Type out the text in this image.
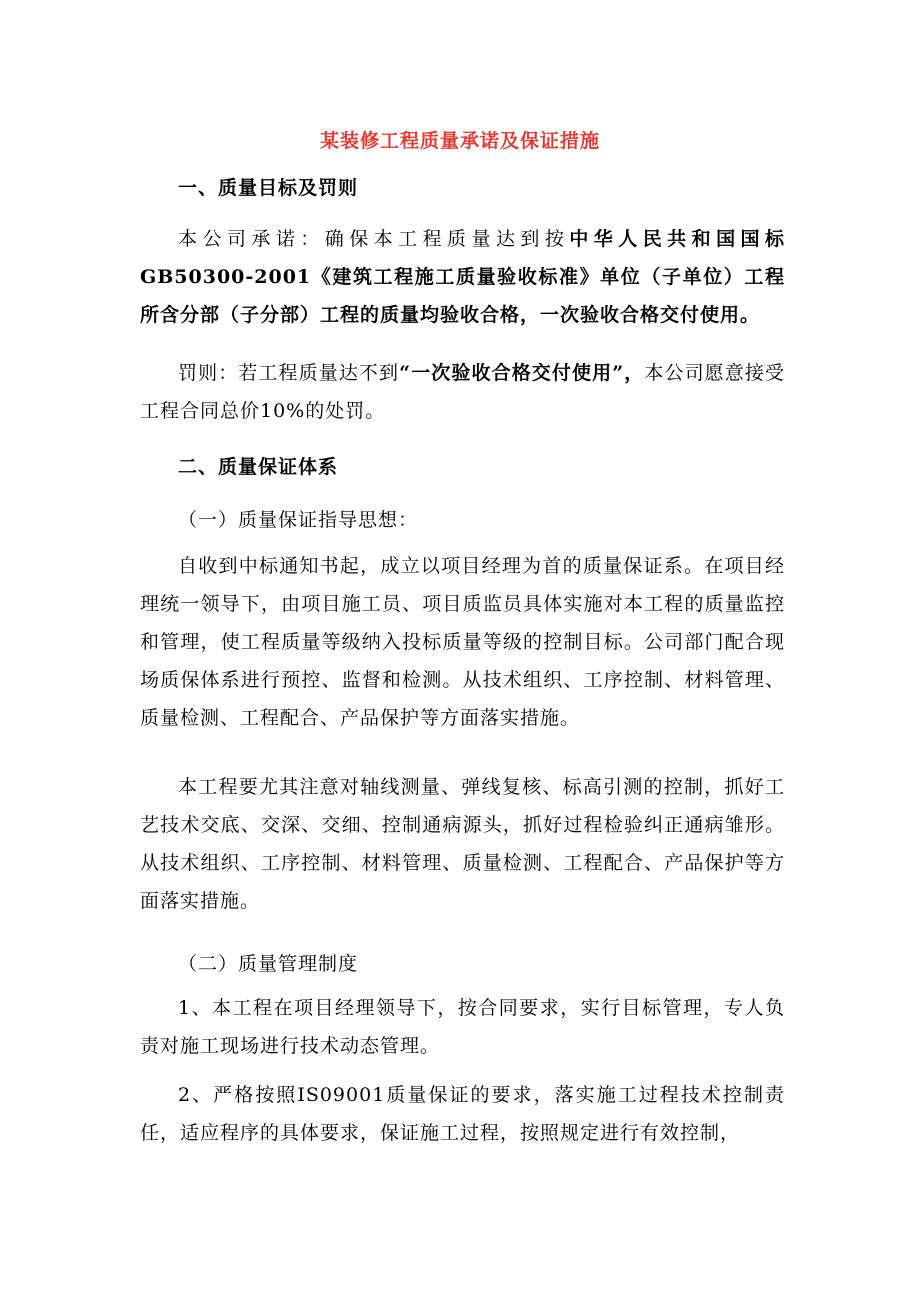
某装修工程质量承诺及保证措施
一、质量目标及罚则

本公司承诺：确保本工程质量达到按中华人民共和国国标GB50300-2001《建筑工程施工质量验收标准》单位（子单位）工程所含分部（子分部）工程的质量均验收合格，一次验收合格交付使用。

罚则：若工程质量达不到“一次验收合格交付使用”，本公司愿意接受工程合同总价10%的处罚。

二、质量保证体系
（一）质量保证指导思想：

自收到中标通知书起，成立以项目经理为首的质量保证系。在项目经理统一领导下，由项目施工员、项目质监员具体实施对本工程的质量监控和管理，使工程质量等级纳入投标质量等级的控制目标。公司部门配合现场质保体系进行预控、监督和检测。从技术组织、工序控制、材料管理、质量检测、工程配合、产品保护等方面落实措施。

本工程要尤其注意对轴线测量、弹线复核、标高引测的控制，抓好工艺技术交底、交深、交细、控制通病源头，抓好过程检验纠正通病雏形。从技术组织、工序控制、材料管理、质量检测、工程配合、产品保护等方面落实措施。

（二）质量管理制度

1、本工程在项目经理领导下，按合同要求，实行目标管理，专人负责对施工现场进行技术动态管理。

2、严格按照IS09001质量保证的要求，落实施工过程技术控制责任，适应程序的具体要求，保证施工过程，按照规定进行有效控制，
